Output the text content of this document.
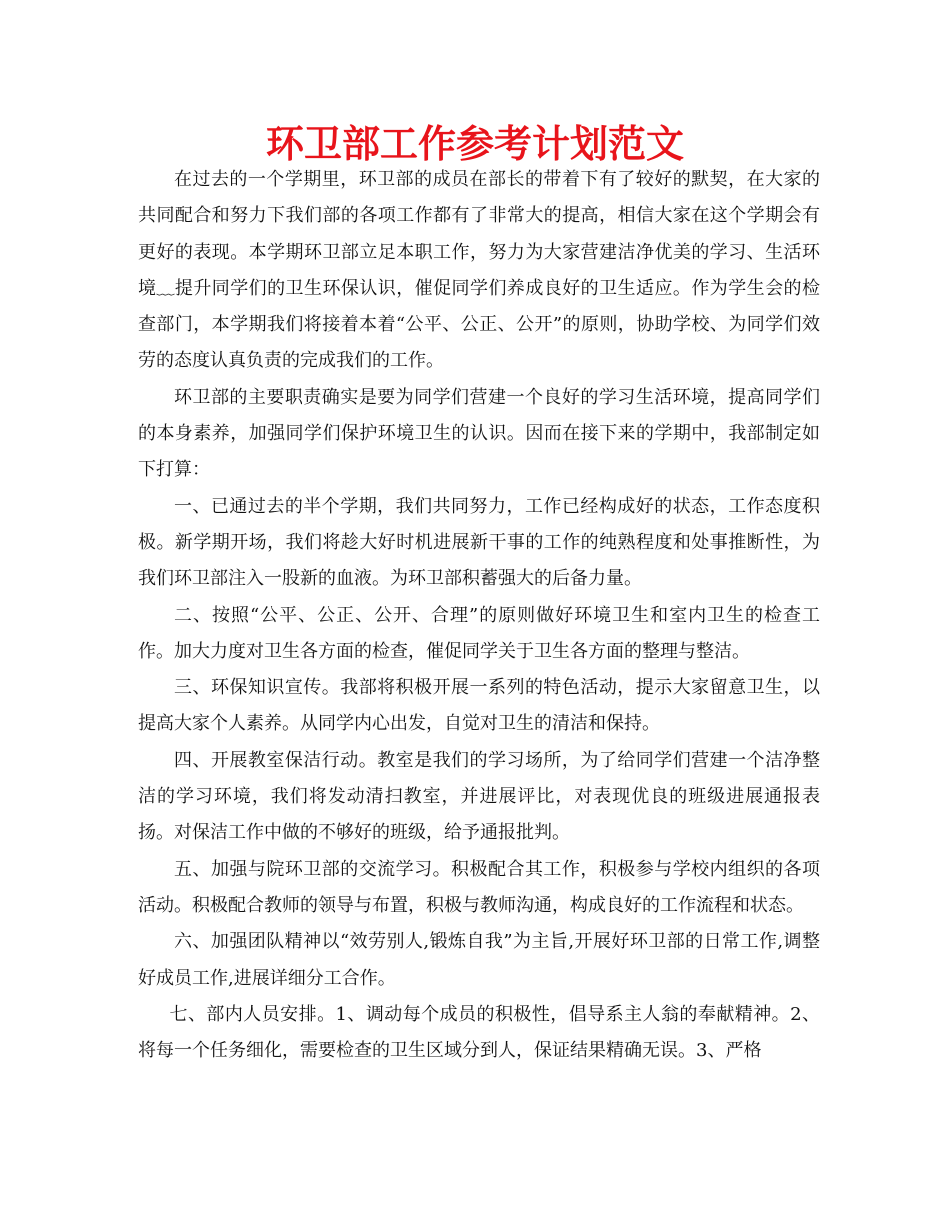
环卫部工作参考计划范文

在过去的一个学期里，环卫部的成员在部长的带着下有了较好的默契，在大家的共同配合和努力下我们部的各项工作都有了非常大的提高，相信大家在这个学期会有更好的表现。本学期环卫部立足本职工作，努力为大家营建洁净优美的学习、生活环境﹏提升同学们的卫生环保认识，催促同学们养成良好的卫生适应。作为学生会的检查部门，本学期我们将接着本着“公平、公正、公开”的原则，协助学校、为同学们效劳的态度认真负责的完成我们的工作。

环卫部的主要职责确实是要为同学们营建一个良好的学习生活环境，提高同学们的本身素养，加强同学们保护环境卫生的认识。因而在接下来的学期中，我部制定如下打算：

一、已通过去的半个学期，我们共同努力，工作已经构成好的状态，工作态度积极。新学期开场，我们将趁大好时机进展新干事的工作的纯熟程度和处事推断性，为我们环卫部注入一股新的血液。为环卫部积蓄强大的后备力量。

二、按照“公平、公正、公开、合理”的原则做好环境卫生和室内卫生的检查工作。加大力度对卫生各方面的检查，催促同学关于卫生各方面的整理与整洁。

三、环保知识宣传。我部将积极开展一系列的特色活动，提示大家留意卫生，以提高大家个人素养。从同学内心出发，自觉对卫生的清洁和保持。

四、开展教室保洁行动。教室是我们的学习场所，为了给同学们营建一个洁净整洁的学习环境，我们将发动清扫教室，并进展评比，对表现优良的班级进展通报表扬。对保洁工作中做的不够好的班级，给予通报批判。

五、加强与院环卫部的交流学习。积极配合其工作，积极参与学校内组织的各项活动。积极配合教师的领导与布置，积极与教师沟通，构成良好的工作流程和状态。

六、加强团队精神以“效劳别人,锻炼自我”为主旨,开展好环卫部的日常工作,调整好成员工作,进展详细分工合作。

七、部内人员安排。1、调动每个成员的积极性，倡导系主人翁的奉献精神。2、将每一个任务细化，需要检查的卫生区域分到人，保证结果精确无误。3、严格
